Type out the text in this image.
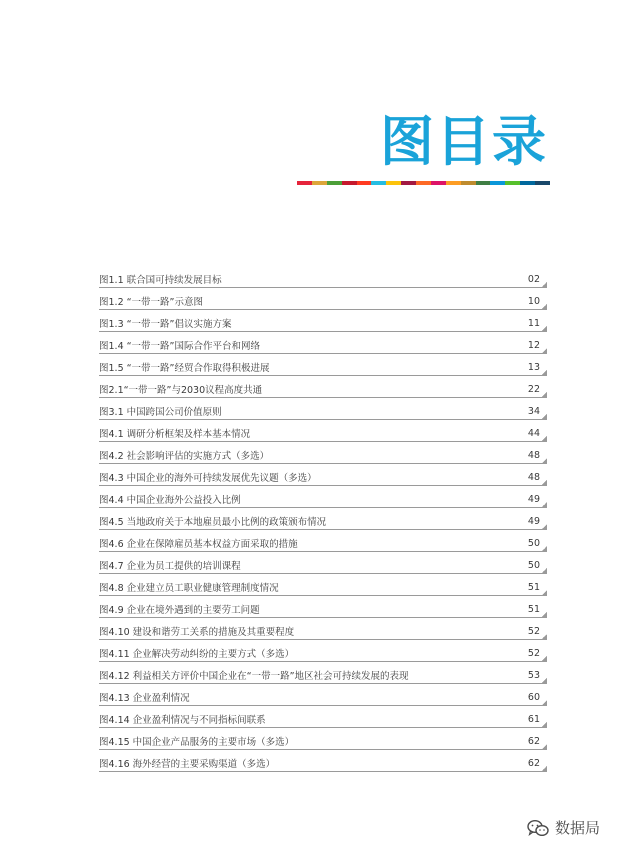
图目录
图1.1 联合国可持续发展目标	02
图1.2 “一带一路”示意图	10
图1.3 “一带一路”倡议实施方案	11
图1.4 “一带一路”国际合作平台和网络	12
图1.5 “一带一路”经贸合作取得积极进展	13
图2.1“一带一路”与2030议程高度共通	22
图3.1 中国跨国公司价值原则	34
图4.1 调研分析框架及样本基本情况	44
图4.2 社会影响评估的实施方式（多选）	48
图4.3 中国企业的海外可持续发展优先议题（多选）	48
图4.4 中国企业海外公益投入比例	49
图4.5 当地政府关于本地雇员最小比例的政策颁布情况	49
图4.6 企业在保障雇员基本权益方面采取的措施	50
图4.7 企业为员工提供的培训课程	50
图4.8 企业建立员工职业健康管理制度情况	51
图4.9 企业在境外遇到的主要劳工问题	51
图4.10 建设和谐劳工关系的措施及其重要程度	52
图4.11 企业解决劳动纠纷的主要方式（多选）	52
图4.12 利益相关方评价中国企业在“一带一路”地区社会可持续发展的表现	53
图4.13 企业盈利情况	60
图4.14 企业盈利情况与不同指标间联系	61
图4.15 中国企业产品服务的主要市场（多选）	62
图4.16 海外经营的主要采购渠道（多选）	62
数据局
